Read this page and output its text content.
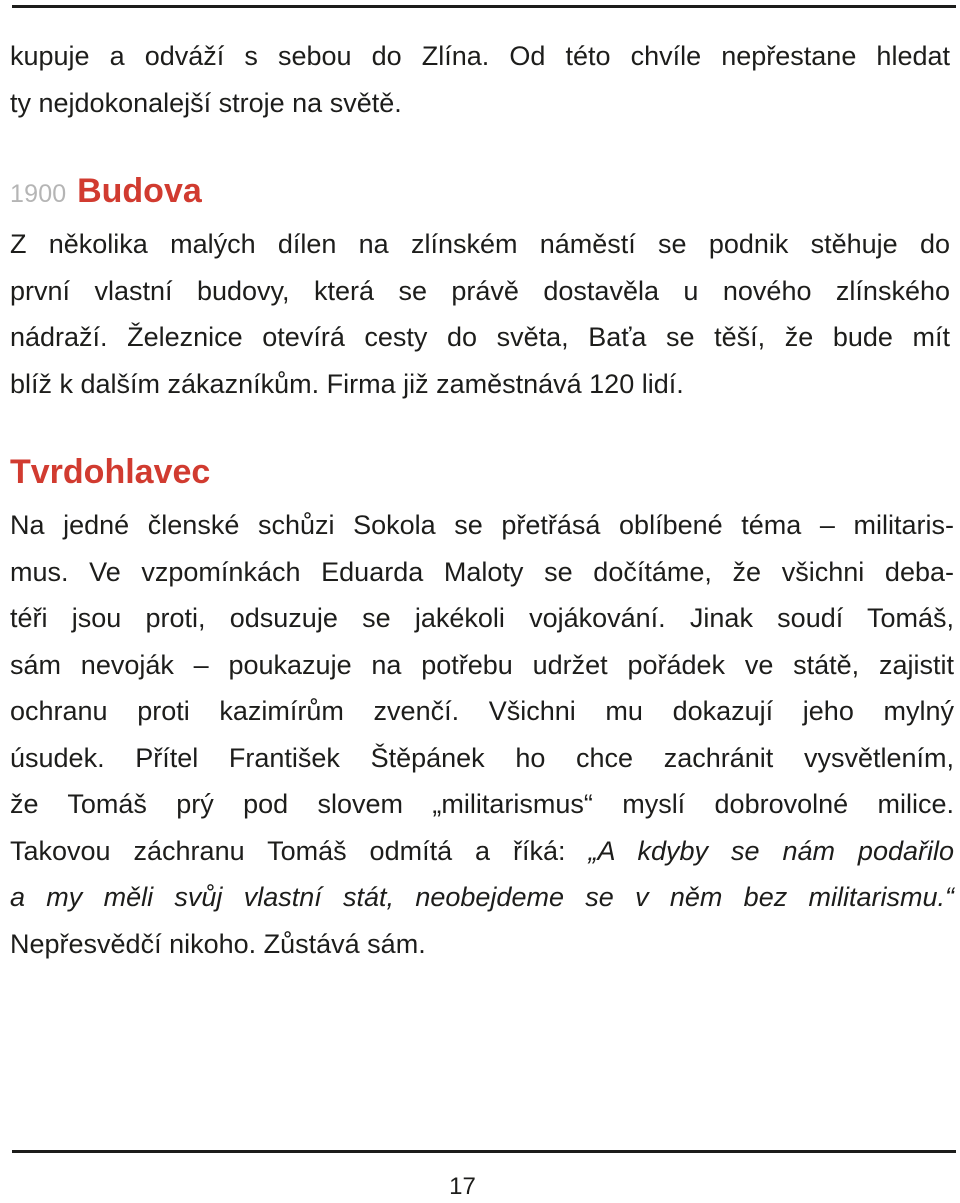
kupuje a odváží s sebou do Zlína. Od této chvíle nepřestane hledat
ty nejdokonalejší stroje na světě.

1900 Budova

Z několika malých dílen na zlínském náměstí se podnik stěhuje do
první vlastní budovy, která se právě dostavěla u nového zlínského
nádraží. Železnice otevírá cesty do světa, Baťa se těší, že bude mít
blíž k dalším zákazníkům. Firma již zaměstnává 120 lidí.

Tvrdohlavec

Na jedné členské schůzi Sokola se přetřásá oblíbené téma – militaris-
mus. Ve vzpomínkách Eduarda Maloty se dočítáme, že všichni deba-
téři jsou proti, odsuzuje se jakékoli vojákování. Jinak soudí Tomáš,
sám nevoják – poukazuje na potřebu udržet pořádek ve státě, zajistit
ochranu proti kazimírům zvenčí. Všichni mu dokazují jeho mylný
úsudek. Přítel František Štěpánek ho chce zachránit vysvětlením,
že Tomáš prý pod slovem „militarismus“ myslí dobrovolné milice.
Takovou záchranu Tomáš odmítá a říká: „A kdyby se nám podařilo
a my měli svůj vlastní stát, neobejdeme se v něm bez militarismu.“
Nepřesvědčí nikoho. Zůstává sám.

17
